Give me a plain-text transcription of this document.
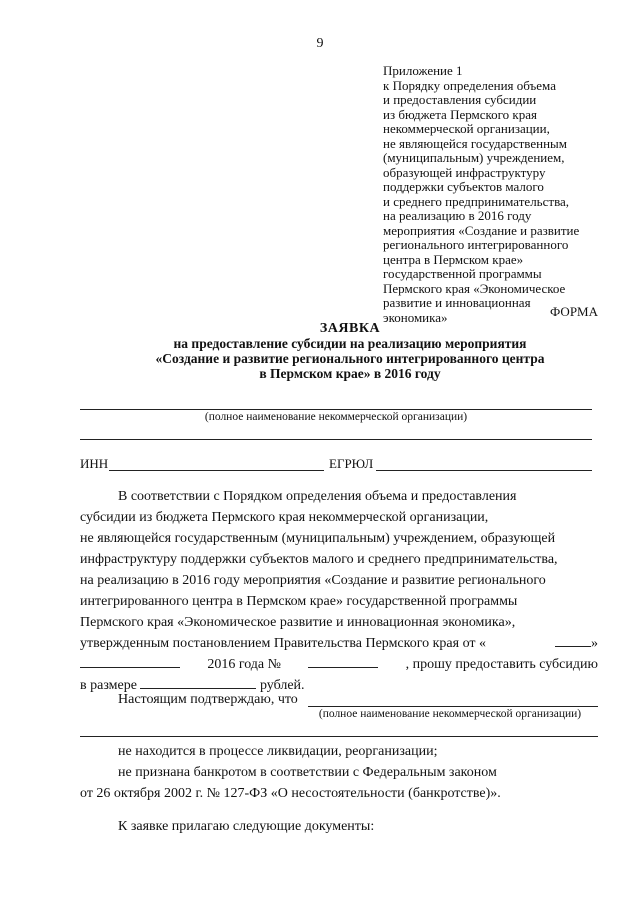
9
Приложение 1
к Порядку определения объема
и предоставления субсидии
из бюджета Пермского края
некоммерческой организации,
не являющейся государственным
(муниципальным) учреждением,
образующей инфраструктуру
поддержки субъектов малого
и среднего предпринимательства,
на реализацию в 2016 году
мероприятия «Создание и развитие
регионального интегрированного
центра в Пермском крае»
государственной программы
Пермского края «Экономическое
развитие и инновационная
экономика»	ФОРМА
ЗАЯВКА
на предоставление субсидии на реализацию мероприятия
«Создание и развитие регионального интегрированного центра
в Пермском крае» в 2016 году
(полное наименование некоммерческой организации)
ИНН	ЕГРЮЛ
В соответствии с Порядком определения объема и предоставления
субсидии из бюджета Пермского края некоммерческой организации,
не являющейся государственным (муниципальным) учреждением, образующей
инфраструктуру поддержки субъектов малого и среднего предпринимательства,
на реализацию в 2016 году мероприятия «Создание и развитие регионального
интегрированного центра в Пермском крае» государственной программы
Пермского края «Экономическое развитие и инновационная экономика»,
утвержденным постановлением Правительства Пермского края от «	»
2016 года №	, прошу предоставить субсидию
в размере	рублей.
Настоящим подтверждаю, что
(полное наименование некоммерческой организации)
не находится в процессе ликвидации, реорганизации;
не признана банкротом в соответствии с Федеральным законом
от 26 октября 2002 г. № 127-ФЗ «О несостоятельности (банкротстве)».
К заявке прилагаю следующие документы:
